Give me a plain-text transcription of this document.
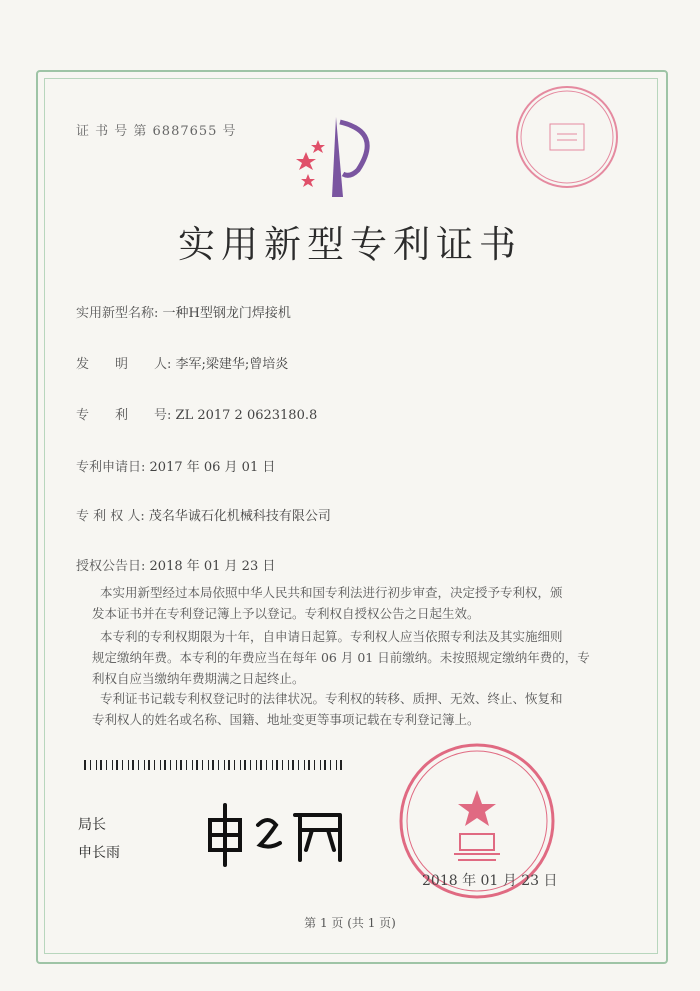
证 书 号 第 6887655 号
实用新型专利证书
实用新型名称: 一种H型钢龙门焊接机
发　　明　　人: 李军;梁建华;曾培炎
专　　利　　号: ZL 2017 2 0623180.8
专利申请日: 2017 年 06 月 01 日
专 利 权 人: 茂名华诚石化机械科技有限公司
授权公告日: 2018 年 01 月 23 日
本实用新型经过本局依照中华人民共和国专利法进行初步审查，决定授予专利权，颁
发本证书并在专利登记簿上予以登记。专利权自授权公告之日起生效。
本专利的专利权期限为十年，自申请日起算。专利权人应当依照专利法及其实施细则
规定缴纳年费。本专利的年费应当在每年 06 月 01 日前缴纳。未按照规定缴纳年费的，专
利权自应当缴纳年费期满之日起终止。
专利证书记载专利权登记时的法律状况。专利权的转移、质押、无效、终止、恢复和
专利权人的姓名或名称、国籍、地址变更等事项记载在专利登记簿上。
局长
申长雨
2018 年 01 月 23 日
第 1 页 (共 1 页)
